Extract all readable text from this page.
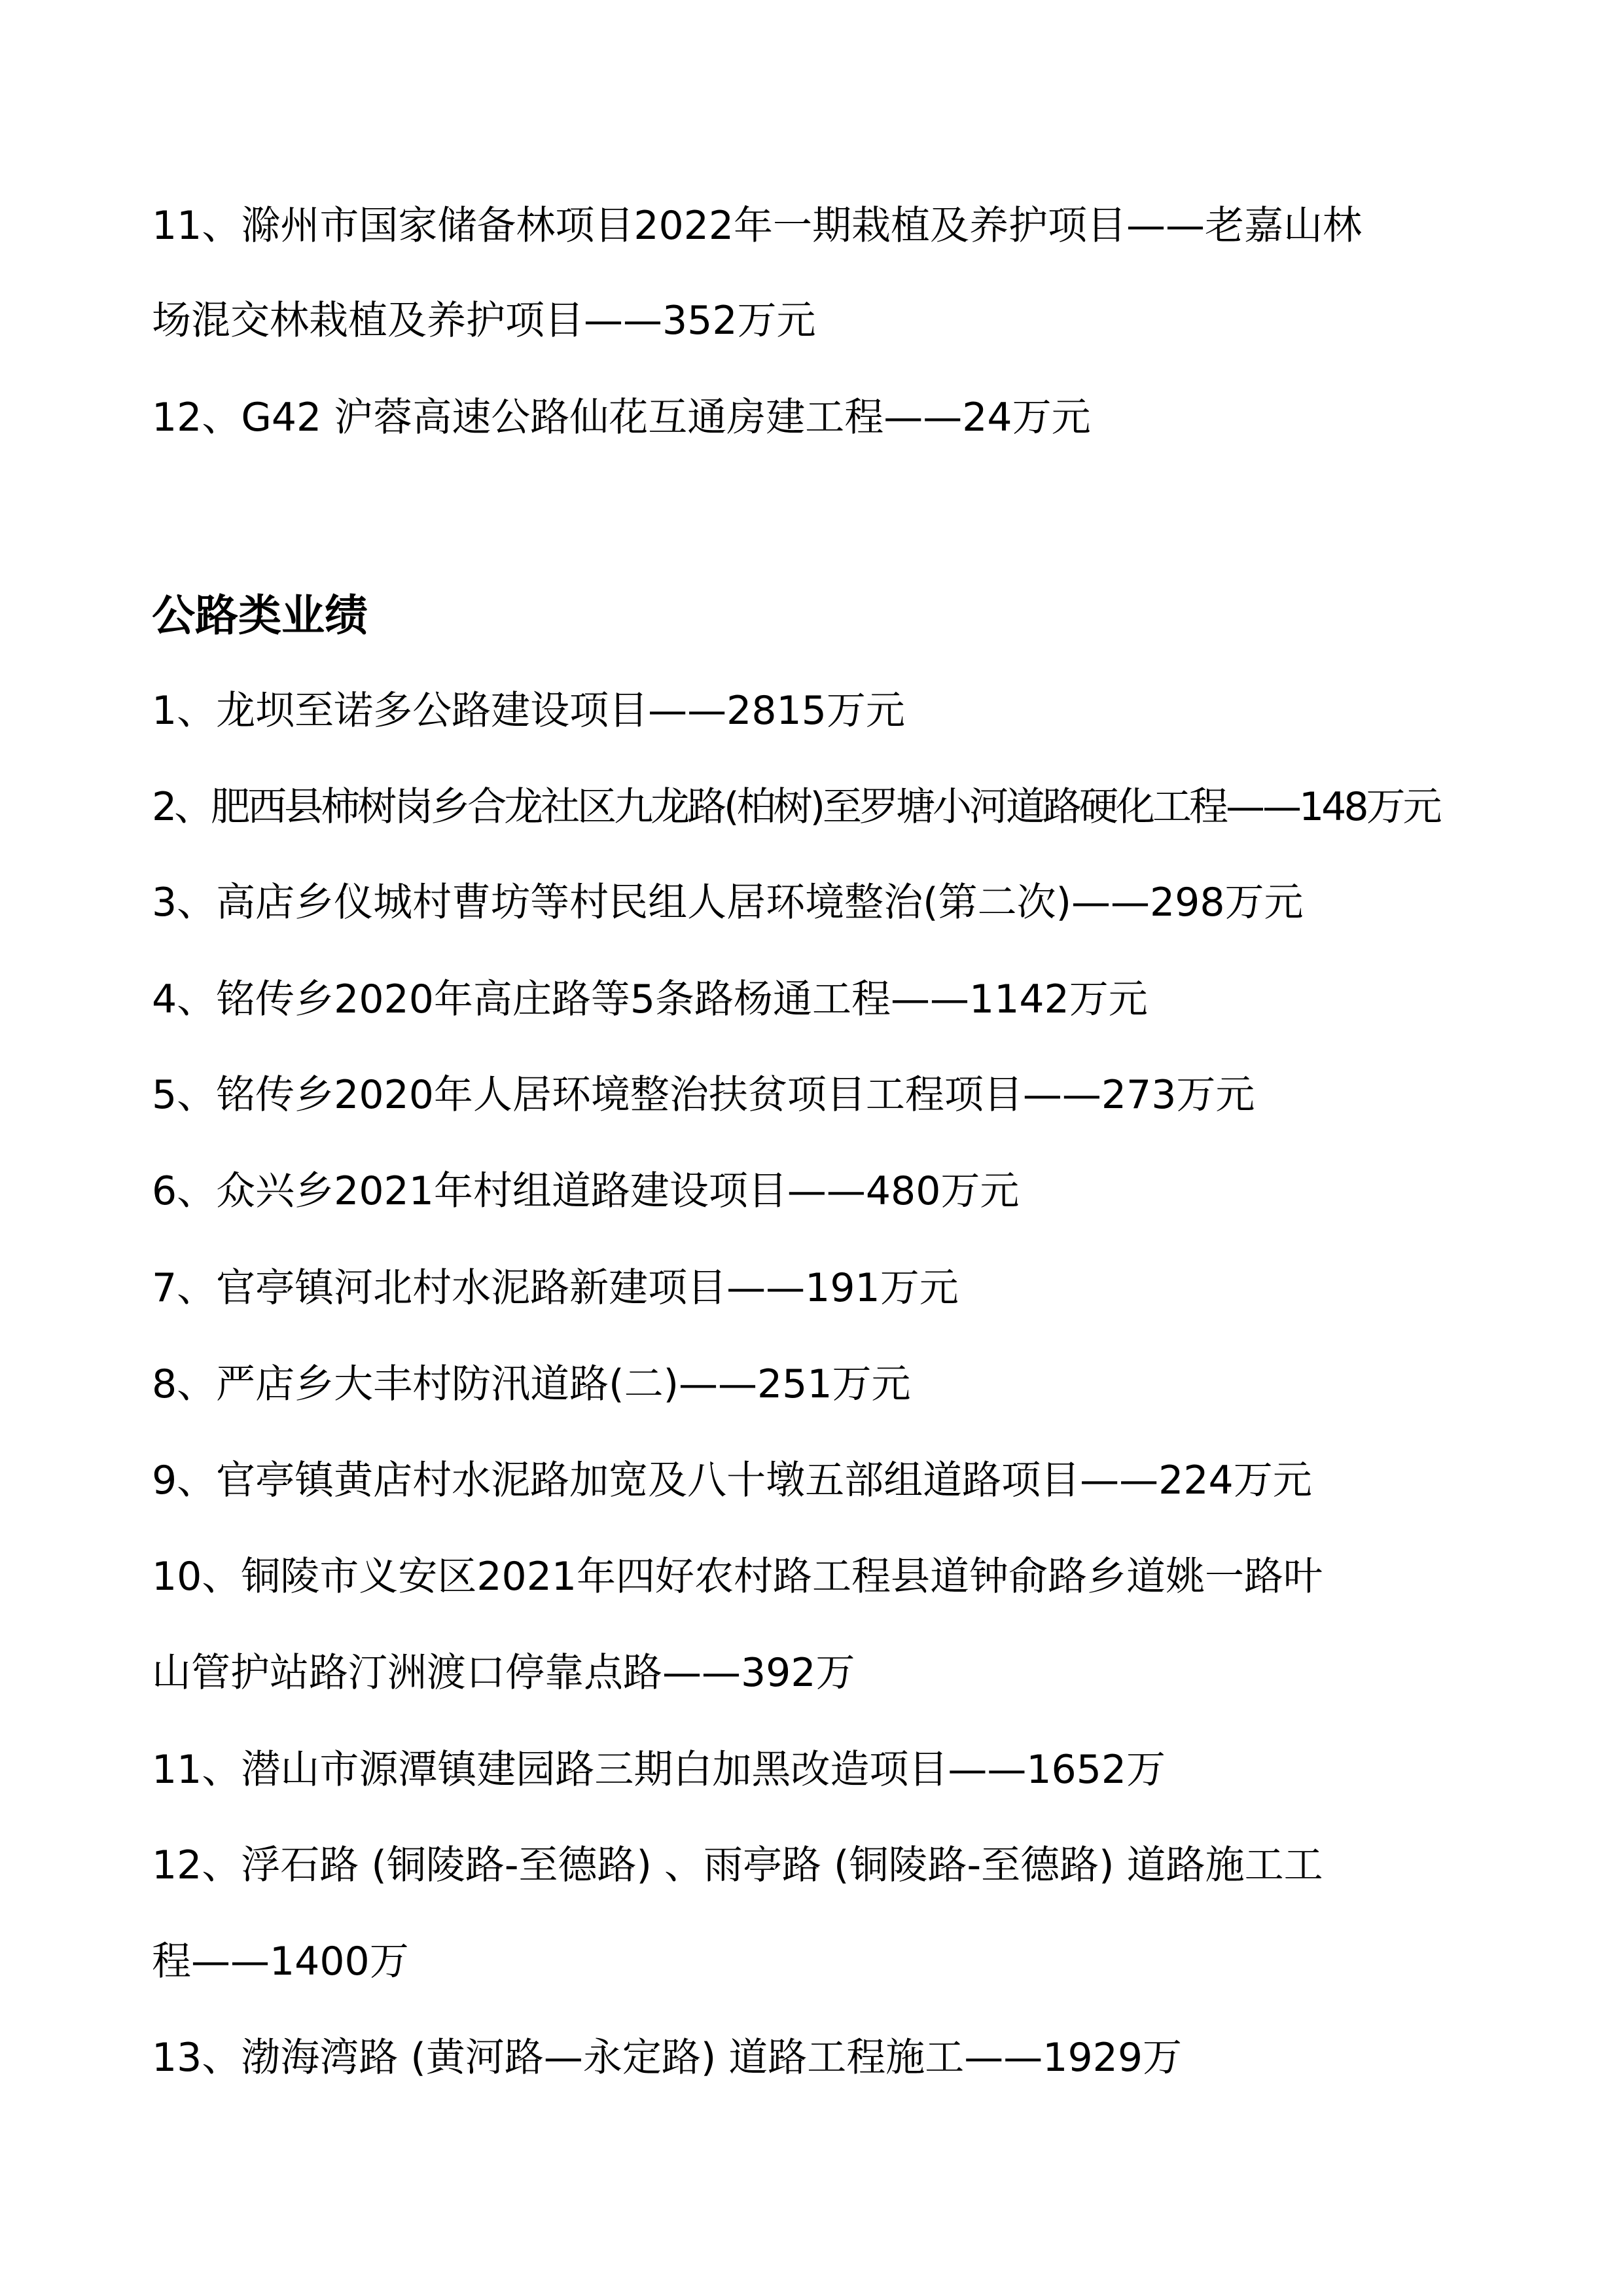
11、滁州市国家储备林项目2022年一期栽植及养护项目——老嘉山林
场混交林栽植及养护项目——352万元
12、G42 沪蓉高速公路仙花互通房建工程——24万元
公路类业绩
1、龙坝至诺多公路建设项目——2815万元
2、肥西县柿树岗乡合龙社区九龙路(柏树)至罗塘小河道路硬化工程——148万元
3、高店乡仪城村曹坊等村民组人居环境整治(第二次)——298万元
4、铭传乡2020年高庄路等5条路杨通工程——1142万元
5、铭传乡2020年人居环境整治扶贫项目工程项目——273万元
6、众兴乡2021年村组道路建设项目——480万元
7、官亭镇河北村水泥路新建项目——191万元
8、严店乡大丰村防汛道路(二)——251万元
9、官亭镇黄店村水泥路加宽及八十墩五部组道路项目——224万元
10、铜陵市义安区2021年四好农村路工程县道钟俞路乡道姚一路叶
山管护站路汀洲渡口停靠点路——392万
11、潜山市源潭镇建园路三期白加黑改造项目——1652万
12、浮石路 (铜陵路-至德路) 、雨亭路 (铜陵路-至德路) 道路施工工
程——1400万
13、渤海湾路 (黄河路—永定路) 道路工程施工——1929万
